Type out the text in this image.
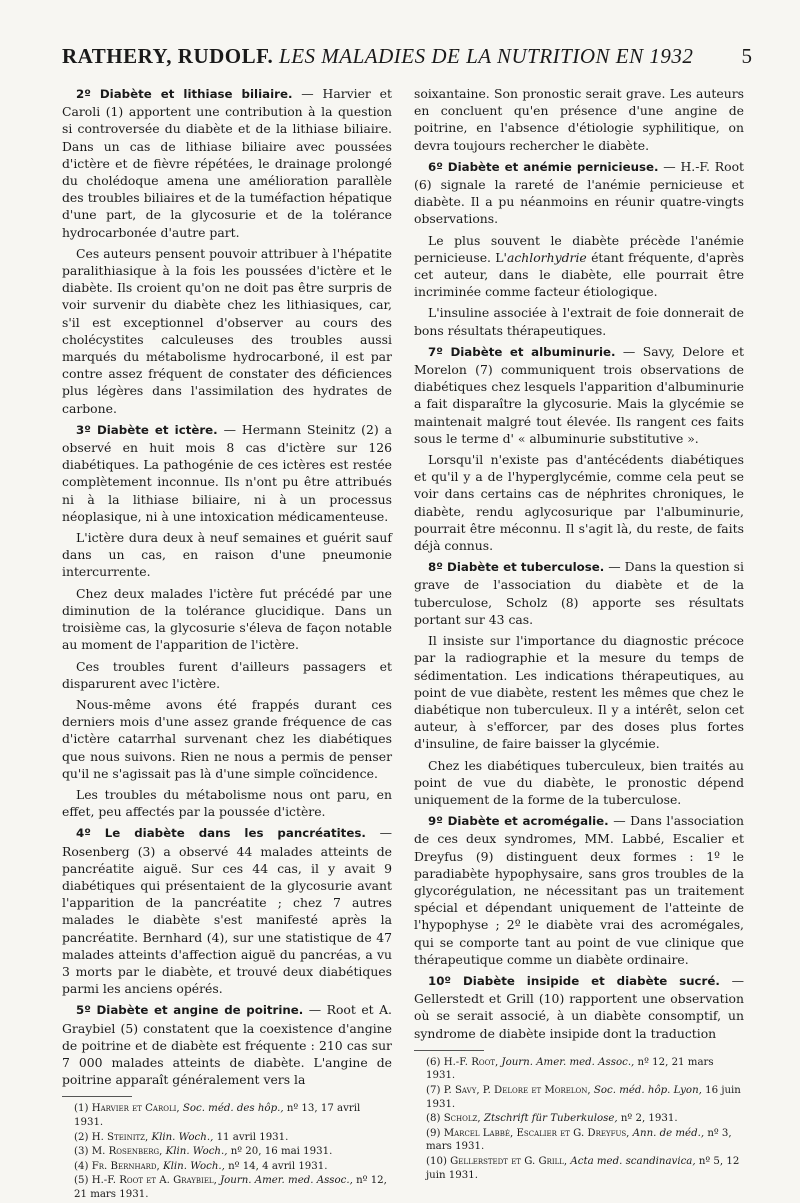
RATHERY, RUDOLF. LES MALADIES DE LA NUTRITION EN 1932 5

2º Diabète et lithiase biliaire. — Harvier et Caroli (1) apportent une contribution à la question si controversée du diabète et de la lithiase biliaire. Dans un cas de lithiase biliaire avec poussées d'ictère et de fièvre répétées, le drainage prolongé du cholédoque amena une amélioration parallèle des troubles biliaires et de la tuméfaction hépatique d'une part, de la glycosurie et de la tolérance hydrocarbonée d'autre part.

Ces auteurs pensent pouvoir attribuer à l'hépatite paralithiasique à la fois les poussées d'ictère et le diabète. Ils croient qu'on ne doit pas être surpris de voir survenir du diabète chez les lithiasiques, car, s'il est exceptionnel d'observer au cours des cholécystites calculeuses des troubles aussi marqués du métabolisme hydrocarboné, il est par contre assez fréquent de constater des déficiences plus légères dans l'assimilation des hydrates de carbone.

3º Diabète et ictère. — Hermann Steinitz (2) a observé en huit mois 8 cas d'ictère sur 126 diabétiques. La pathogénie de ces ictères est restée complètement inconnue. Ils n'ont pu être attribués ni à la lithiase biliaire, ni à un processus néoplasique, ni à une intoxication médicamenteuse.

L'ictère dura deux à neuf semaines et guérit sauf dans un cas, en raison d'une pneumonie intercurrente.

Chez deux malades l'ictère fut précédé par une diminution de la tolérance glucidique. Dans un troisième cas, la glycosurie s'éleva de façon notable au moment de l'apparition de l'ictère.

Ces troubles furent d'ailleurs passagers et disparurent avec l'ictère.

Nous-même avons été frappés durant ces derniers mois d'une assez grande fréquence de cas d'ictère catarrhal survenant chez les diabétiques que nous suivons. Rien ne nous a permis de penser qu'il ne s'agissait pas là d'une simple coïncidence.

Les troubles du métabolisme nous ont paru, en effet, peu affectés par la poussée d'ictère.

4º Le diabète dans les pancréatites. — Rosenberg (3) a observé 44 malades atteints de pancréatite aiguë. Sur ces 44 cas, il y avait 9 diabétiques qui présentaient de la glycosurie avant l'apparition de la pancréatite ; chez 7 autres malades le diabète s'est manifesté après la pancréatite. Bernhard (4), sur une statistique de 47 malades atteints d'affection aiguë du pancréas, a vu 3 morts par le diabète, et trouvé deux diabétiques parmi les anciens opérés.

5º Diabète et angine de poitrine. — Root et A. Graybiel (5) constatent que la coexistence d'angine de poitrine et de diabète est fréquente : 210 cas sur 7 000 malades atteints de diabète. L'angine de poitrine apparaît généralement vers la

(1) Harvier et Caroli, Soc. méd. des hôp., nº 13, 17 avril 1931.

(2) H. Steinitz, Klin. Woch., 11 avril 1931.

(3) M. Rosenberg, Klin. Woch., nº 20, 16 mai 1931.

(4) Fr. Bernhard, Klin. Woch., nº 14, 4 avril 1931.

(5) H.-F. Root et A. Graybiel, Journ. Amer. med. Assoc., nº 12, 21 mars 1931.

soixantaine. Son pronostic serait grave. Les auteurs en concluent qu'en présence d'une angine de poitrine, en l'absence d'étiologie syphilitique, on devra toujours rechercher le diabète.

6º Diabète et anémie pernicieuse. — H.-F. Root (6) signale la rareté de l'anémie pernicieuse et diabète. Il a pu néanmoins en réunir quatre-vingts observations.

Le plus souvent le diabète précède l'anémie pernicieuse. L'achlorhydrie étant fréquente, d'après cet auteur, dans le diabète, elle pourrait être incriminée comme facteur étiologique.

L'insuline associée à l'extrait de foie donnerait de bons résultats thérapeutiques.

7º Diabète et albuminurie. — Savy, Delore et Morelon (7) communiquent trois observations de diabétiques chez lesquels l'apparition d'albuminurie a fait disparaître la glycosurie. Mais la glycémie se maintenait malgré tout élevée. Ils rangent ces faits sous le terme d' « albuminurie substitutive ».

Lorsqu'il n'existe pas d'antécédents diabétiques et qu'il y a de l'hyperglycémie, comme cela peut se voir dans certains cas de néphrites chroniques, le diabète, rendu aglycosurique par l'albuminurie, pourrait être méconnu. Il s'agit là, du reste, de faits déjà connus.

8º Diabète et tuberculose. — Dans la question si grave de l'association du diabète et de la tuberculose, Scholz (8) apporte ses résultats portant sur 43 cas.

Il insiste sur l'importance du diagnostic précoce par la radiographie et la mesure du temps de sédimentation. Les indications thérapeutiques, au point de vue diabète, restent les mêmes que chez le diabétique non tuberculeux. Il y a intérêt, selon cet auteur, à s'efforcer, par des doses plus fortes d'insuline, de faire baisser la glycémie.

Chez les diabétiques tuberculeux, bien traités au point de vue du diabète, le pronostic dépend uniquement de la forme de la tuberculose.

9º Diabète et acromégalie. — Dans l'association de ces deux syndromes, MM. Labbé, Escalier et Dreyfus (9) distinguent deux formes : 1º le paradiabète hypophysaire, sans gros troubles de la glycorégulation, ne nécessitant pas un traitement spécial et dépendant uniquement de l'atteinte de l'hypophyse ; 2º le diabète vrai des acromégales, qui se comporte tant au point de vue clinique que thérapeutique comme un diabète ordinaire.

10º Diabète insipide et diabète sucré. — Gellerstedt et Grill (10) rapportent une observation où se serait associé, à un diabète consomptif, un syndrome de diabète insipide dont la traduction

(6) H.-F. Root, Journ. Amer. med. Assoc., nº 12, 21 mars 1931.

(7) P. Savy, P. Delore et Morelon, Soc. méd. hôp. Lyon, 16 juin 1931.

(8) Scholz, Ztschrift für Tuberkulose, nº 2, 1931.

(9) Marcel Labbé, Escalier et G. Dreyfus, Ann. de méd., nº 3, mars 1931.

(10) Gellerstedt et G. Grill, Acta med. scandinavica, nº 5, 12 juin 1931.
